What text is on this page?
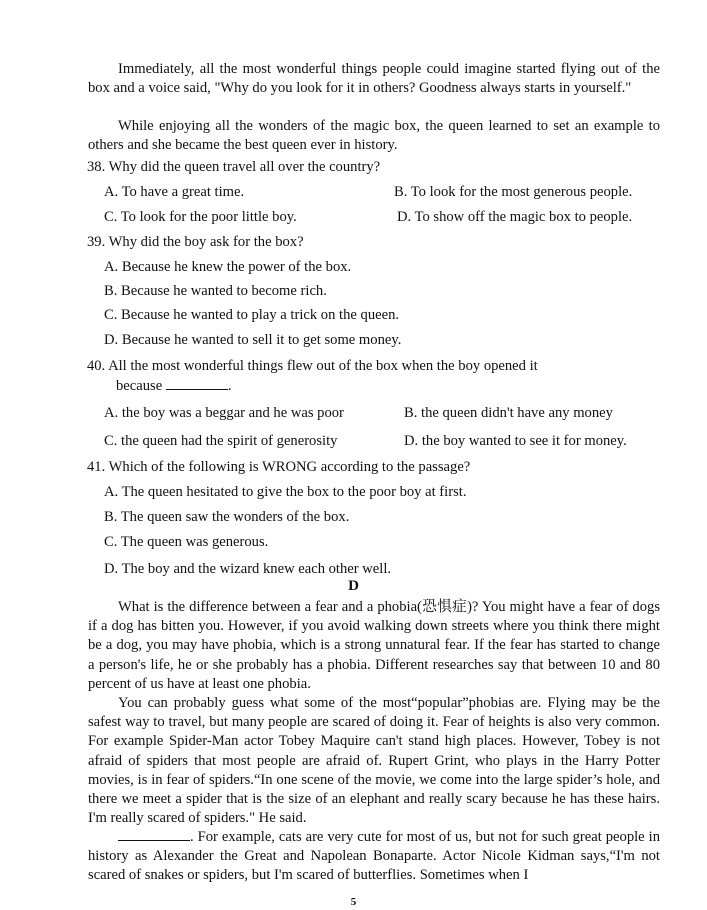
Immediately, all the most wonderful things people could imagine started flying out of the box and a voice said, "Why do you look for it in others? Goodness always starts in yourself."
While enjoying all the wonders of the magic box, the queen learned to set an example to others and she became the best queen ever in history.
38. Why did the queen travel all over the country?
A. To have a great time.	B. To look for the most generous people.
C. To look for the poor little boy.	D. To show off the magic box to people.
39. Why did the boy ask for the box?
A. Because he knew the power of the box.
B. Because he wanted to become rich.
C. Because he wanted to play a trick on the queen.
D. Because he wanted to sell it to get some money.
40. All the most wonderful things flew out of the box when the boy opened it
because	.
A. the boy was a beggar and he was poor	B. the queen didn't have any money
C. the queen had the spirit of generosity	D. the boy wanted to see it for money.
41. Which of the following is WRONG according to the passage?
A. The queen hesitated to give the box to the poor boy at first.
B. The queen saw the wonders of the box.
C. The queen was generous.
D. The boy and the wizard knew each other well.
D
What is the difference between a fear and a phobia(恐惧症)? You might have a fear of dogs if a dog has bitten you. However, if you avoid walking down streets where you think there might be a dog, you may have phobia, which is a strong unnatural fear. If the fear has started to change a person's life, he or she probably has a phobia. Different researches say that between 10 and 80 percent of us have at least one phobia.
You can probably guess what some of the most“popular”phobias are. Flying may be the safest way to travel, but many people are scared of doing it. Fear of heights is also very common. For example Spider-Man actor Tobey Maquire can't stand high places. However, Tobey is not afraid of spiders that most people are afraid of. Rupert Grint, who plays in the Harry Potter movies, is in fear of spiders.“In one scene of the movie, we come into the large spider’s hole, and there we meet a spider that is the size of an elephant and really scary because he has these hairs. I'm really scared of spiders." He said.
. For example, cats are very cute for most of us, but not for such great people in history as Alexander the Great and Napolean Bonaparte. Actor Nicole Kidman says,“I'm not scared of snakes or spiders, but I'm scared of butterflies. Sometimes when I
5
